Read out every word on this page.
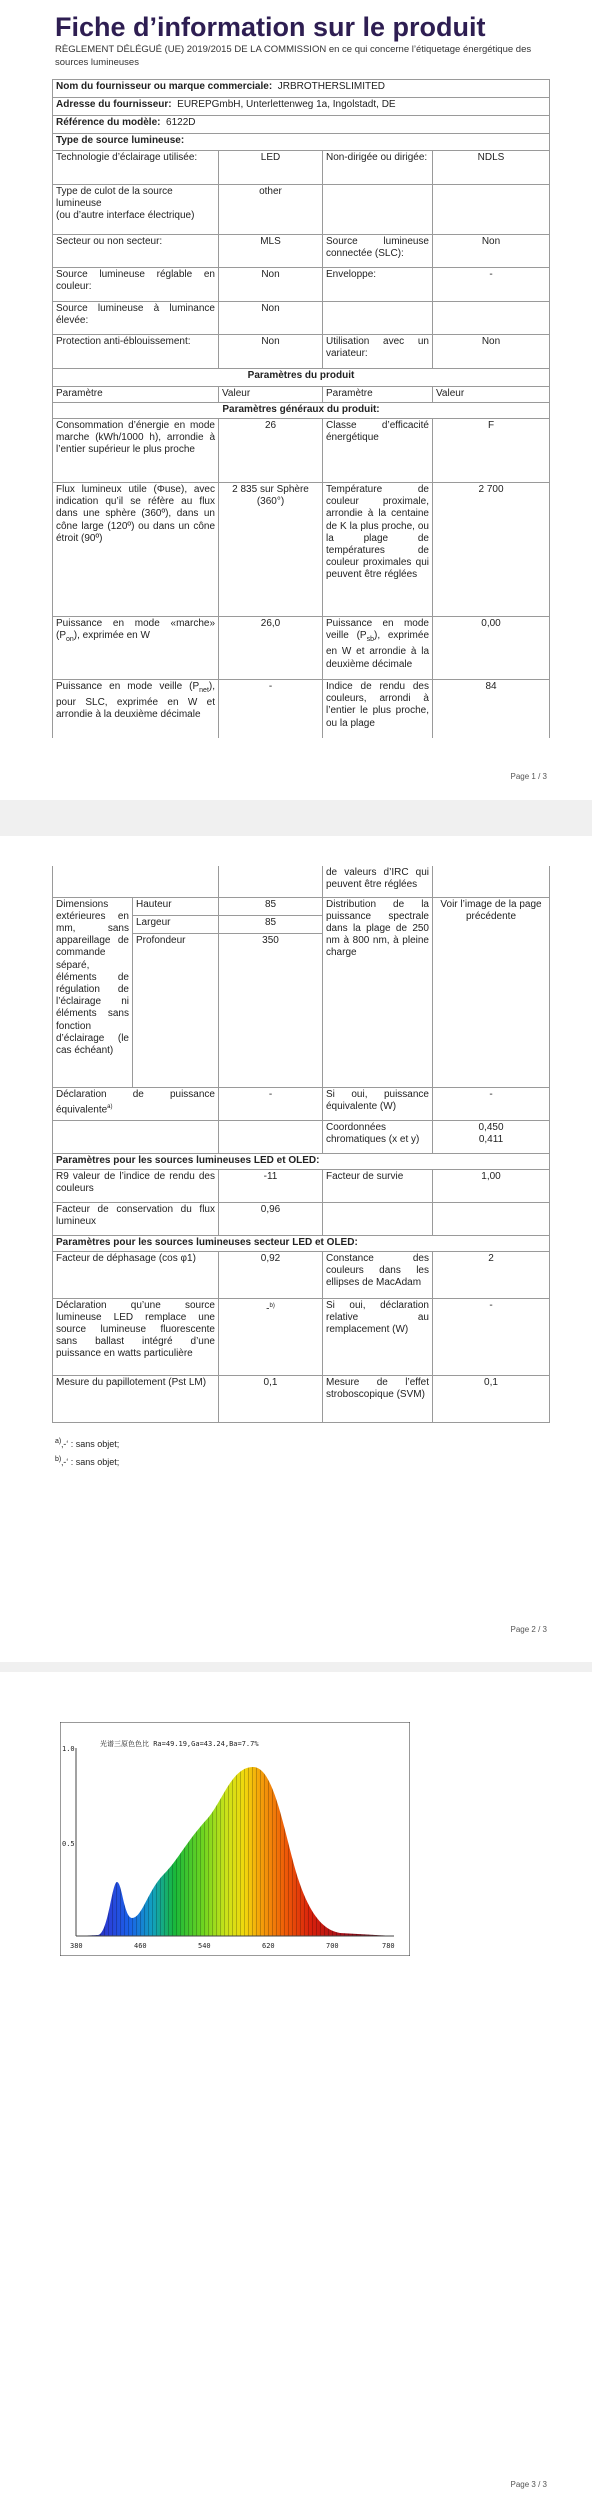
Fiche d’information sur le produit
RÈGLEMENT DÉLÉGUÉ (UE) 2019/2015 DE LA COMMISSION en ce qui concerne l’étiquetage énergétique des sources lumineuses
Nom du fournisseur ou marque commerciale: JRBROTHERSLIMITED			
Adresse du fournisseur: EUREPGmbH, Unterlettenweg 1a, Ingolstadt, DE			
Référence du modèle: 6122D			
Type de source lumineuse:			
Technologie d’éclairage utilisée:	LED	Non-dirigée ou dirigée:	NDLS

Type de culot de la source lumineuse
(ou d’autre interface électrique)	other		
Secteur ou non secteur:	MLS	Source lumineuse connectée (SLC):	Non
Source lumineuse réglable en couleur:	Non	Enveloppe:	-
Source lumineuse à luminance élevée:	Non		
Protection anti-éblouissement:	Non	Utilisation avec un variateur:	Non
Paramètres du produit			
Paramètre	Valeur	Paramètre	Valeur
Paramètres généraux du produit:			
Consommation d’énergie en mode marche (kWh/1000 h), arrondie à l’entier supérieur le plus proche	26	Classe d’efficacité énergétique	F
Flux lumineux utile (Φuse), avec indication qu’il se réfère au flux dans une sphère (360º), dans un cône large (120º) ou dans un cône étroit (90º)	2 835 sur Sphère (360°)	Température de couleur proximale, arrondie à la centaine de K la plus proche, ou la plage de températures de couleur proximales qui peuvent être réglées	2 700
Puissance en mode «marche» $(P_{on})$, exprimée en W	26,0	Puissance en mode veille $(P_{sb})$, exprimée en W et arrondie à la deuxième décimale	0,00
Puissance en mode veille $(P_{net})$, pour SLC, exprimée en W et arrondie à la deuxième décimale	-	Indice de rendu des couleurs, arrondi à l’entier le plus proche, ou la plage	84
Page 1 / 3
Page 2 / 3
			de valeurs d’IRC qui peuvent être réglées	
Dimensions extérieures en mm, sans appareillage de commande séparé, éléments de régulation de l’éclairage ni éléments sans fonction d’éclairage (le cas échéant)	Hauteur	85	Distribution de la puissance spectrale dans la plage de 250 nm à 800 nm, à pleine charge	Voir l’image de la page précédente
	Largeur	85		
	Profondeur	350		
Déclaration de puissance équivalente$^{a)}$		-	Si oui, puissance équivalente (W)	-
			Coordonnées chromatiques (x et y)	0,450
0,411

Paramètres pour les sources lumineuses LED et OLED:				
R9 valeur de l’indice de rendu des couleurs		-11	Facteur de survie	1,00
Facteur de conservation du flux lumineux		0,96		
Paramètres pour les sources lumineuses secteur LED et OLED:				
Facteur de déphasage (cos φ1)		0,92	Constance des couleurs dans les ellipses de MacAdam	2
Déclaration qu’une source lumineuse LED remplace une source lumineuse fluorescente sans ballast intégré d’une puissance en watts particulière		-$^{b)}$	Si oui, déclaration relative au remplacement (W)	-
Mesure du papillotement (Pst LM)		0,1	Mesure de l’effet stroboscopique (SVM)	0,1
$^{a)}$‚-‘ : sans objet;
$^{b)}$‚-‘ : sans objet;
Page 3 / 3
光谱三原色色比 Ra=49.19,Ga=43.24,Ba=7.7%
1.0
0.5
380	460	540	620	700	780
